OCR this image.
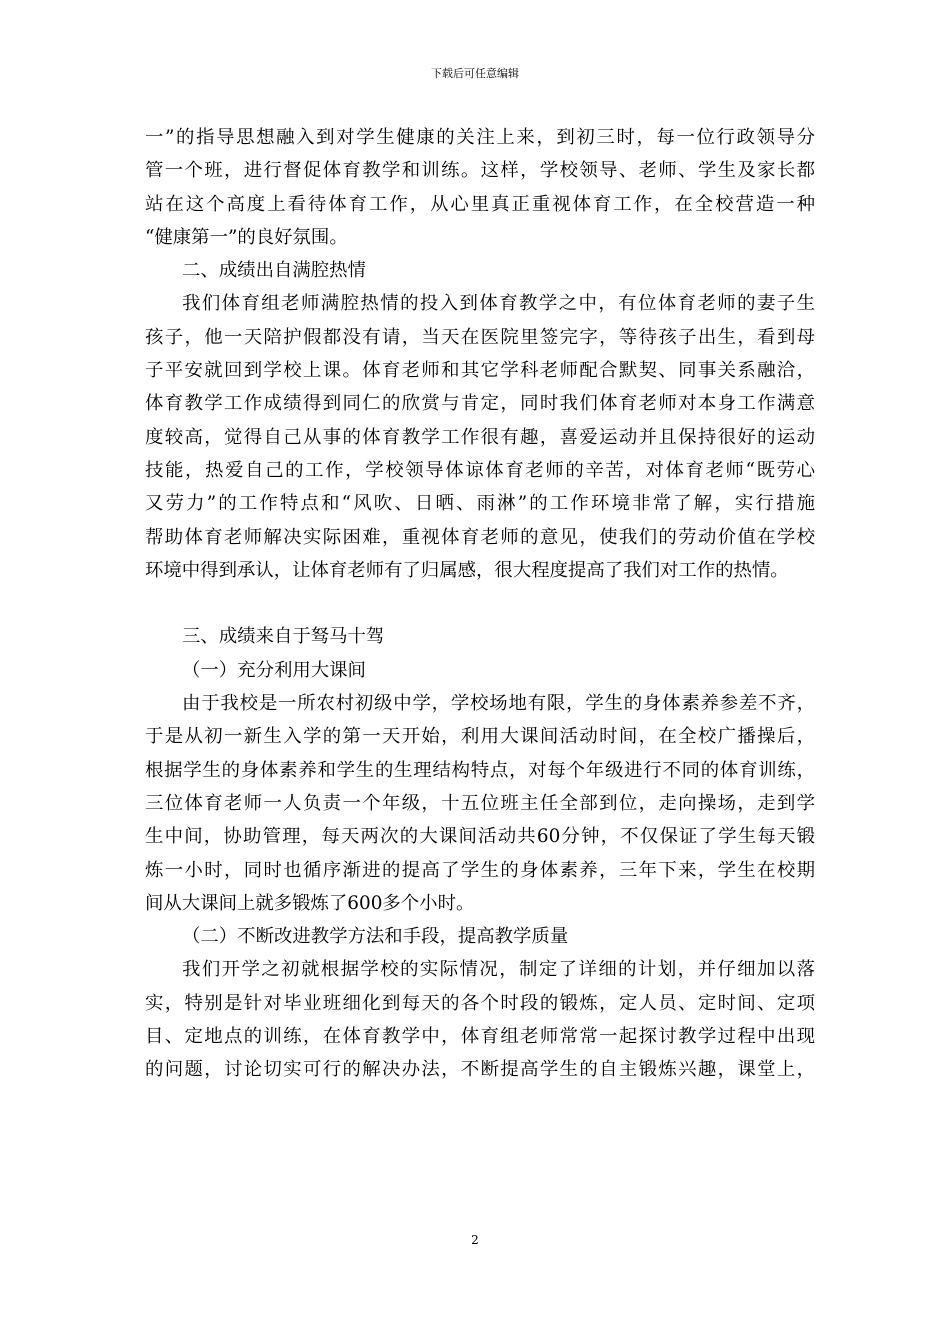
下载后可任意编辑
一”的指导思想融入到对学生健康的关注上来，到初三时，每一位行政领导分
管一个班，进行督促体育教学和训练。这样，学校领导、老师、学生及家长都
站在这个高度上看待体育工作，从心里真正重视体育工作，在全校营造一种
“健康第一”的良好氛围。
二、成绩出自满腔热情
我们体育组老师满腔热情的投入到体育教学之中，有位体育老师的妻子生
孩子，他一天陪护假都没有请，当天在医院里签完字，等待孩子出生，看到母
子平安就回到学校上课。体育老师和其它学科老师配合默契、同事关系融洽，
体育教学工作成绩得到同仁的欣赏与肯定，同时我们体育老师对本身工作满意
度较高，觉得自己从事的体育教学工作很有趣，喜爱运动并且保持很好的运动
技能，热爱自己的工作，学校领导体谅体育老师的辛苦，对体育老师“既劳心
又劳力”的工作特点和“风吹、日晒、雨淋”的工作环境非常了解，实行措施
帮助体育老师解决实际困难，重视体育老师的意见，使我们的劳动价值在学校
环境中得到承认，让体育老师有了归属感，很大程度提高了我们对工作的热情。
三、成绩来自于驽马十驾
（一）充分利用大课间
由于我校是一所农村初级中学，学校场地有限，学生的身体素养参差不齐，
于是从初一新生入学的第一天开始，利用大课间活动时间，在全校广播操后，
根据学生的身体素养和学生的生理结构特点，对每个年级进行不同的体育训练，
三位体育老师一人负责一个年级，十五位班主任全部到位，走向操场，走到学
生中间，协助管理，每天两次的大课间活动共60分钟，不仅保证了学生每天锻
炼一小时，同时也循序渐进的提高了学生的身体素养，三年下来，学生在校期
间从大课间上就多锻炼了600多个小时。
（二）不断改进教学方法和手段，提高教学质量
我们开学之初就根据学校的实际情况，制定了详细的计划，并仔细加以落
实，特别是针对毕业班细化到每天的各个时段的锻炼，定人员、定时间、定项
目、定地点的训练，在体育教学中，体育组老师常常一起探讨教学过程中出现
的问题，讨论切实可行的解决办法，不断提高学生的自主锻炼兴趣，课堂上，
2
